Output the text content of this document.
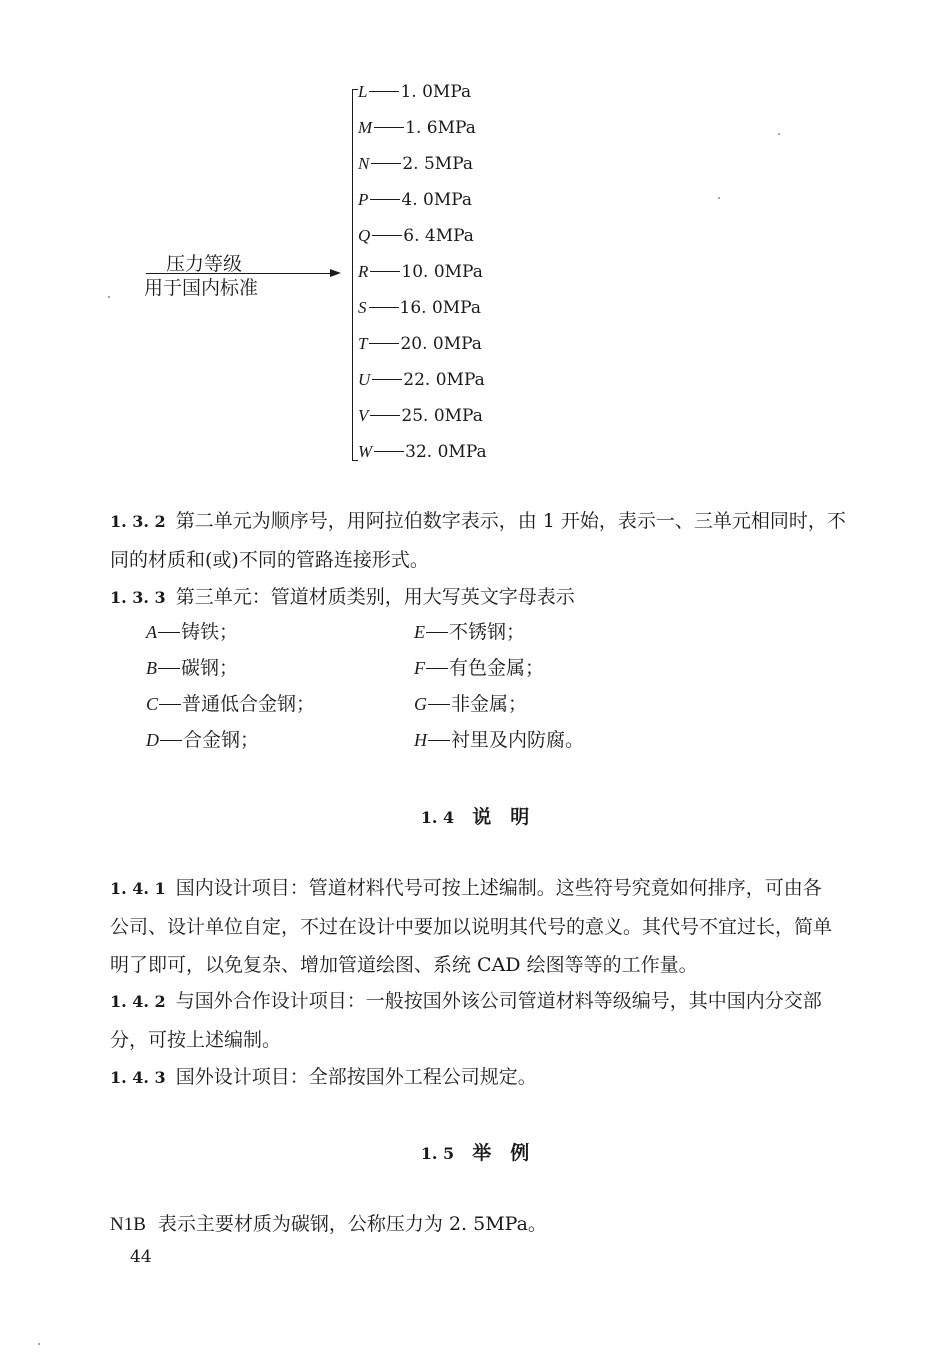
压力等级
用于国内标准
L 1. 0MPa
M 1. 6MPa
N 2. 5MPa
P 4. 0MPa
Q 6. 4MPa
R 10. 0MPa
S 16. 0MPa
T 20. 0MPa
U 22. 0MPa
V 25. 0MPa
W 32. 0MPa
1. 3. 2 第二单元为顺序号，用阿拉伯数字表示，由 1 开始，表示一、三单元相同时，不
同的材质和(或)不同的管路连接形式。
1. 3. 3 第三单元：管道材质类别，用大写英文字母表示
A 铸铁；	E 不锈钢；
B 碳钢；	F 有色金属；
C 普通低合金钢；	G 非金属；
D 合金钢；	H 衬里及内防腐。
1. 4 说　明
1. 4. 1 国内设计项目：管道材料代号可按上述编制。这些符号究竟如何排序，可由各
公司、设计单位自定，不过在设计中要加以说明其代号的意义。其代号不宜过长，简单
明了即可，以免复杂、增加管道绘图、系统 CAD 绘图等等的工作量。
1. 4. 2 与国外合作设计项目：一般按国外该公司管道材料等级编号，其中国内分交部
分，可按上述编制。
1. 4. 3 国外设计项目：全部按国外工程公司规定。
1. 5 举　例
N1B 表示主要材质为碳钢，公称压力为 2. 5MPa。
44
